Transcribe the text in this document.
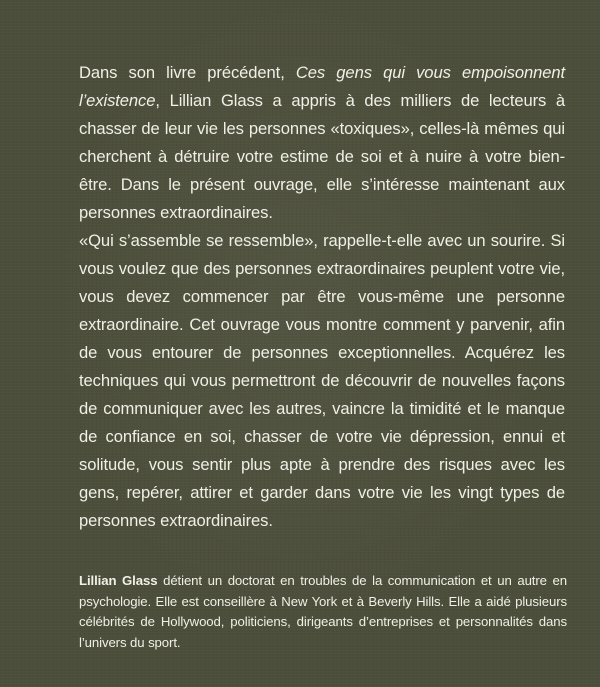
Dans son livre précédent, Ces gens qui vous empoisonnent l’existence, Lillian Glass a appris à des milliers de lecteurs à chasser de leur vie les personnes «toxiques», celles-là mêmes qui cherchent à détruire votre estime de soi et à nuire à votre bien-être. Dans le présent ouvrage, elle s’intéresse maintenant aux personnes extraordinaires.

«Qui s’assemble se ressemble», rappelle-t-elle avec un sourire. Si vous voulez que des personnes extraordinaires peuplent votre vie, vous devez commencer par être vous-même une personne extraordinaire. Cet ouvrage vous montre comment y parvenir, afin de vous entourer de personnes exceptionnelles. Acquérez les techniques qui vous permettront de découvrir de nouvelles façons de communiquer avec les autres, vaincre la timidité et le manque de confiance en soi, chasser de votre vie dépression, ennui et solitude, vous sentir plus apte à prendre des risques avec les gens, repérer, attirer et garder dans votre vie les vingt types de personnes extraordinaires.

Lillian Glass détient un doctorat en troubles de la communication et un autre en psychologie. Elle est conseillère à New York et à Beverly Hills. Elle a aidé plusieurs célébrités de Hollywood, politiciens, dirigeants d’entreprises et personnalités dans l’univers du sport.
